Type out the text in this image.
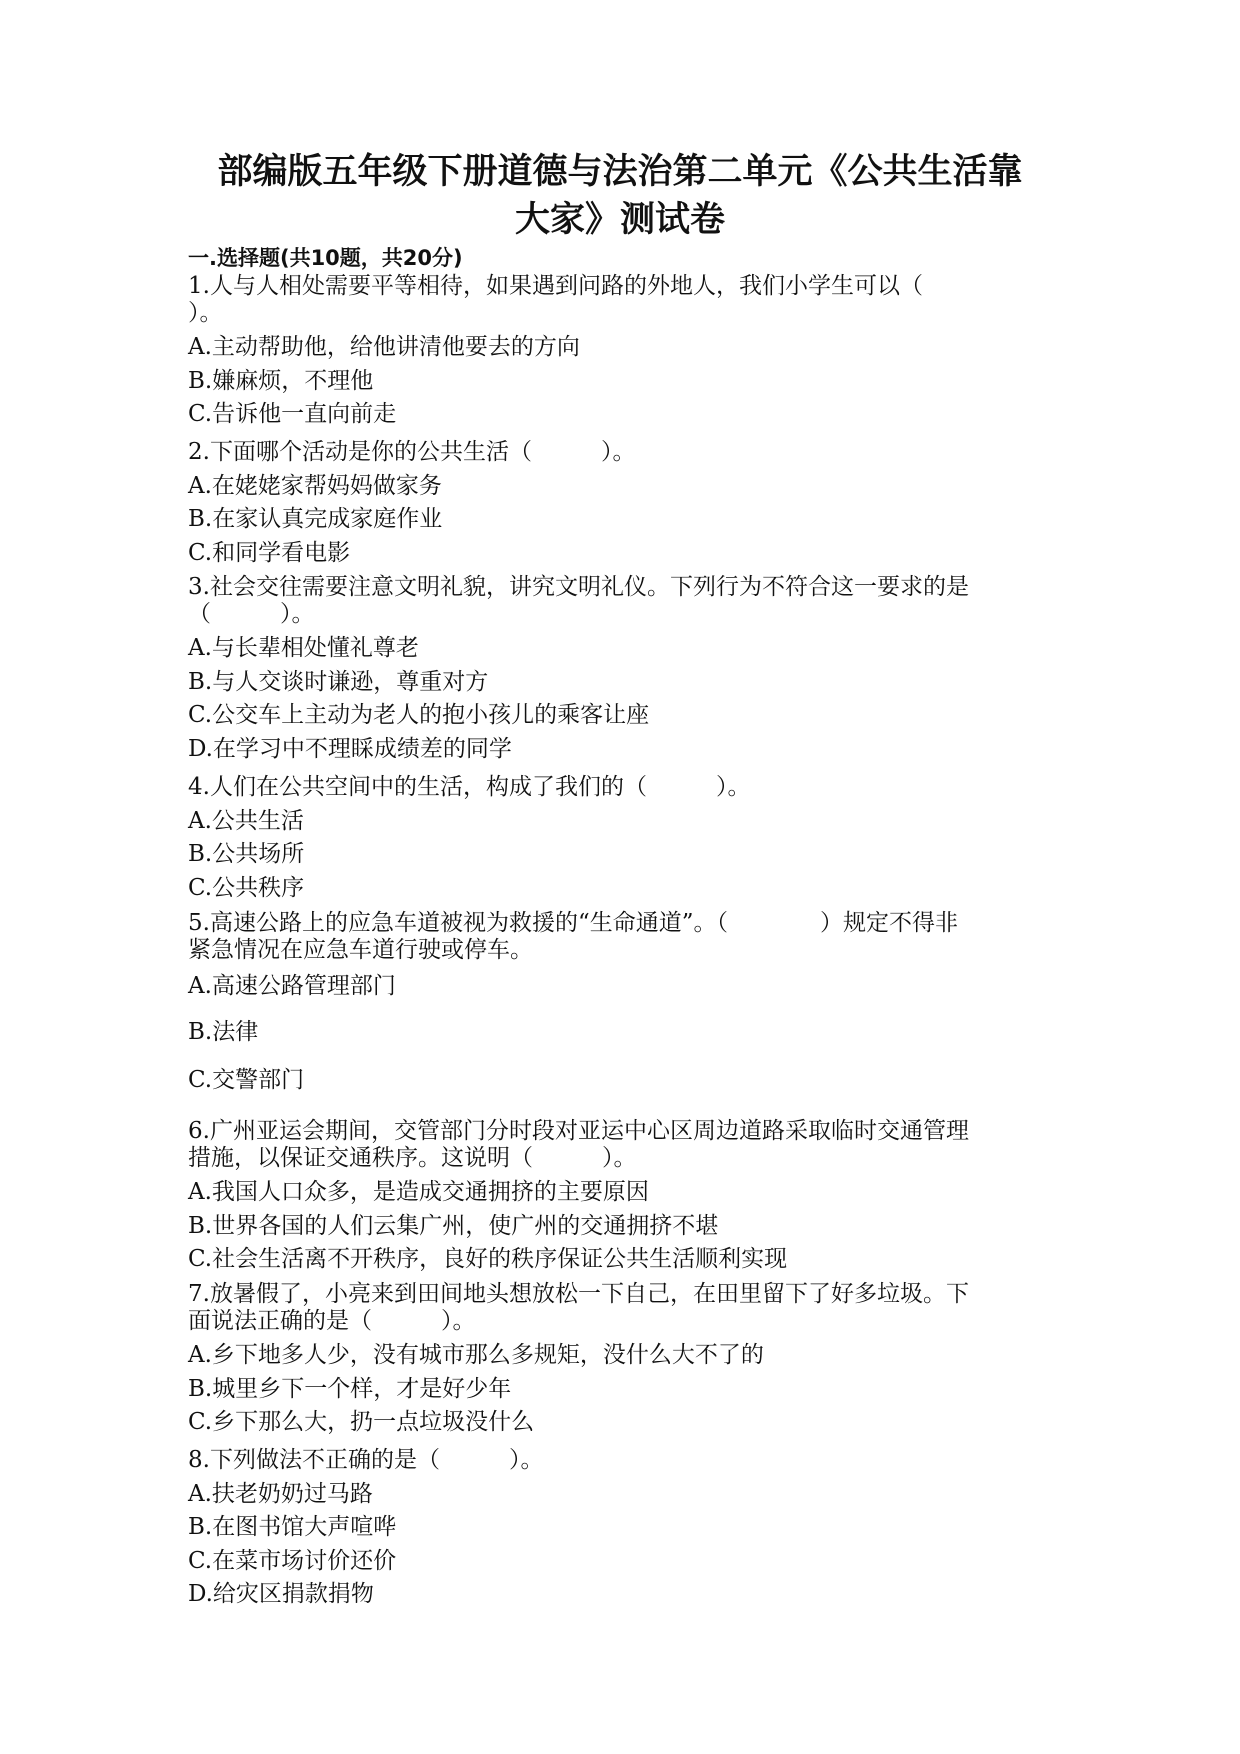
部编版五年级下册道德与法治第二单元《公共生活靠
大家》测试卷
一.选择题(共10题，共20分)
1.人与人相处需要平等相待，如果遇到问路的外地人，我们小学生可以（
）。
A.主动帮助他，给他讲清他要去的方向
B.嫌麻烦，不理他
C.告诉他一直向前走
2.下面哪个活动是你的公共生活（　　　）。
A.在姥姥家帮妈妈做家务
B.在家认真完成家庭作业
C.和同学看电影
3.社会交往需要注意文明礼貌，讲究文明礼仪。下列行为不符合这一要求的是
（　　　）。
A.与长辈相处懂礼尊老
B.与人交谈时谦逊，尊重对方
C.公交车上主动为老人的抱小孩儿的乘客让座
D.在学习中不理睬成绩差的同学
4.人们在公共空间中的生活，构成了我们的（　　　）。
A.公共生活
B.公共场所
C.公共秩序
5.高速公路上的应急车道被视为救援的“生命通道”。（　　　　）规定不得非
紧急情况在应急车道行驶或停车。
A.高速公路管理部门
B.法律
C.交警部门
6.广州亚运会期间，交管部门分时段对亚运中心区周边道路采取临时交通管理
措施，以保证交通秩序。这说明（　　　）。
A.我国人口众多，是造成交通拥挤的主要原因
B.世界各国的人们云集广州，使广州的交通拥挤不堪
C.社会生活离不开秩序，良好的秩序保证公共生活顺利实现
7.放暑假了，小亮来到田间地头想放松一下自己，在田里留下了好多垃圾。下
面说法正确的是（　　　）。
A.乡下地多人少，没有城市那么多规矩，没什么大不了的
B.城里乡下一个样，才是好少年
C.乡下那么大，扔一点垃圾没什么
8.下列做法不正确的是（　　　）。
A.扶老奶奶过马路
B.在图书馆大声喧哗
C.在菜市场讨价还价
D.给灾区捐款捐物
